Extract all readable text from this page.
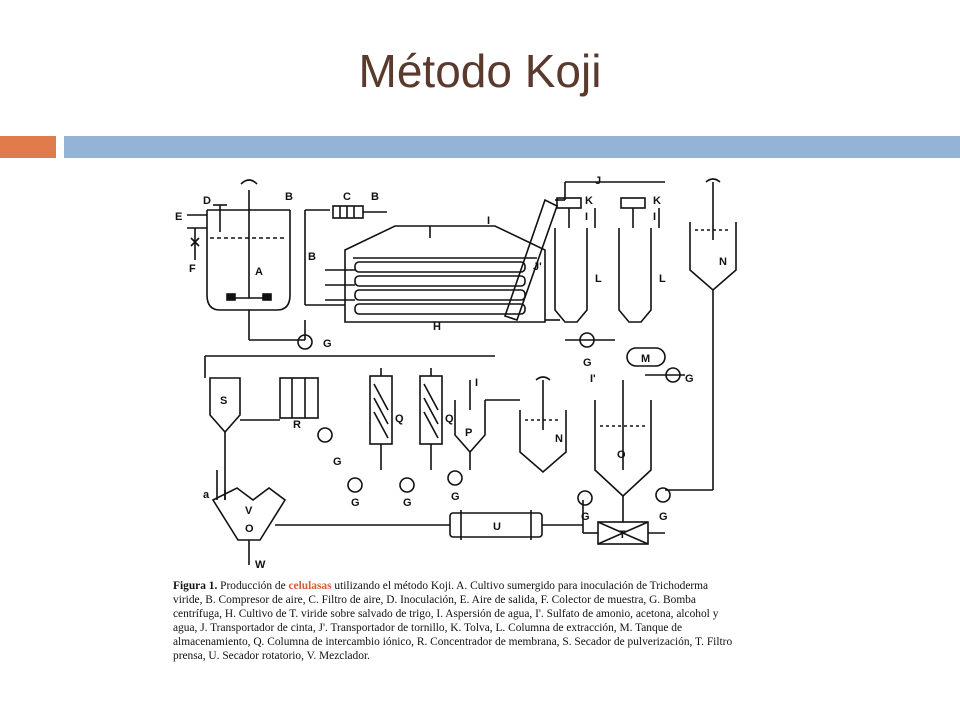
Método Koji
D
E
F	A
B
B
C B
G
H
I
J'
J
K	K
I	I
L	L
N
G	M
G
S
R
G
Q	Q
I
P	N
I'
O
G	G	G
G	G
U
T
a
V
O
W
Figura 1. Producción de celulasas utilizando el método Koji. A. Cultivo sumergido para inoculación de Trichoderma viride, B. Compresor de aire, C. Filtro de aire, D. Inoculación, E. Aire de salida, F. Colector de muestra, G. Bomba centrífuga, H. Cultivo de T. viride sobre salvado de trigo, I. Aspersión de agua, I'. Sulfato de amonio, acetona, alcohol y agua, J. Transportador de cinta, J'. Transportador de tornillo, K. Tolva, L. Columna de extracción, M. Tanque de almacenamiento, Q. Columna de intercambio iónico, R. Concentrador de membrana, S. Secador de pulverización, T. Filtro prensa, U. Secador rotatorio, V. Mezclador.
